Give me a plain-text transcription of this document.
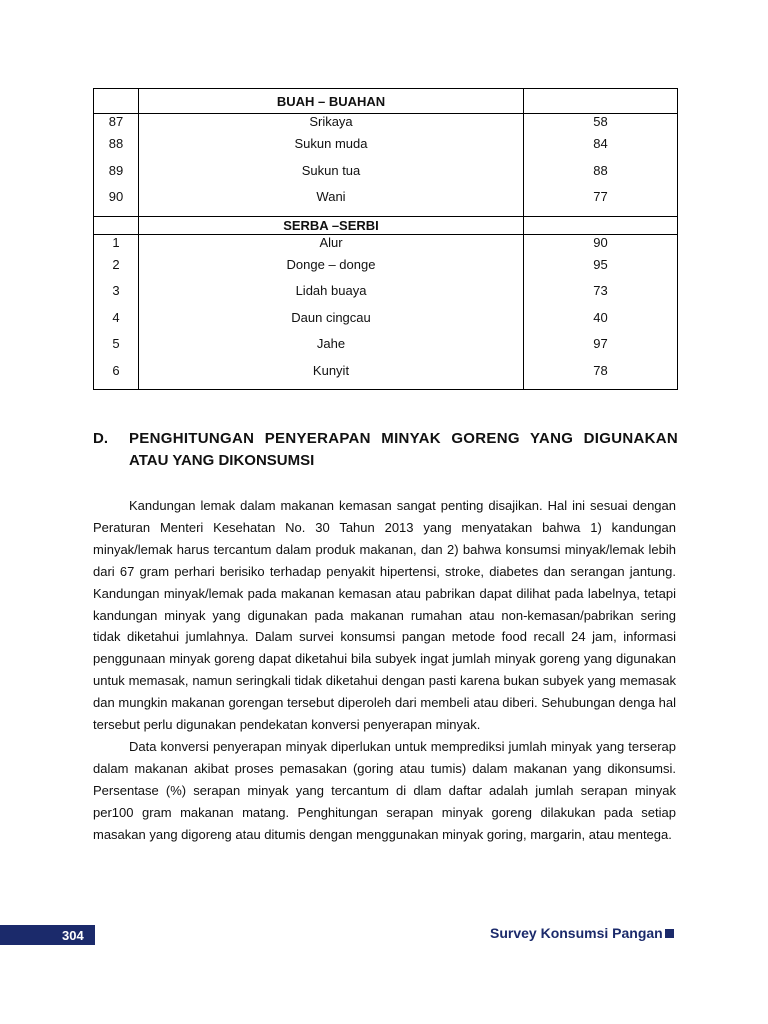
	BUAH – BUAHAN	
87	Srikaya	58
88	Sukun muda	84
89	Sukun tua	88
90	Wani	77
	SERBA –SERBI	
1	Alur	90
2	Donge – donge	95
3	Lidah buaya	73
4	Daun cingcau	40
5	Jahe	97
6	Kunyit	78
D. PENGHITUNGAN PENYERAPAN MINYAK GORENG YANG DIGUNAKAN
ATAU YANG DIKONSUMSI

Kandungan lemak dalam makanan kemasan sangat penting disajikan. Hal ini sesuai dengan Peraturan Menteri Kesehatan No. 30 Tahun 2013 yang menyatakan bahwa 1) kandungan minyak/lemak harus tercantum dalam produk makanan, dan 2) bahwa konsumsi minyak/lemak lebih dari 67 gram perhari berisiko terhadap penyakit hipertensi, stroke, diabetes dan serangan jantung. Kandungan minyak/lemak pada makanan kemasan atau pabrikan dapat dilihat pada labelnya, tetapi kandungan minyak yang digunakan pada makanan rumahan atau non-kemasan/pabrikan sering tidak diketahui jumlahnya. Dalam survei konsumsi pangan metode food recall 24 jam, informasi penggunaan minyak goreng dapat diketahui bila subyek ingat jumlah minyak goreng yang digunakan untuk memasak, namun seringkali tidak diketahui dengan pasti karena bukan subyek yang memasak dan mungkin makanan gorengan tersebut diperoleh dari membeli atau diberi. Sehubungan denga hal tersebut perlu digunakan pendekatan konversi penyerapan minyak.

Data konversi penyerapan minyak diperlukan untuk memprediksi jumlah minyak yang terserap dalam makanan akibat proses pemasakan (goring atau tumis) dalam makanan yang dikonsumsi. Persentase (%) serapan minyak yang tercantum di dlam daftar adalah jumlah serapan minyak per100 gram makanan matang. Penghitungan serapan minyak goreng dilakukan pada setiap masakan yang digoreng atau ditumis dengan menggunakan minyak goring, margarin, atau mentega.

304	Survey Konsumsi Pangan
